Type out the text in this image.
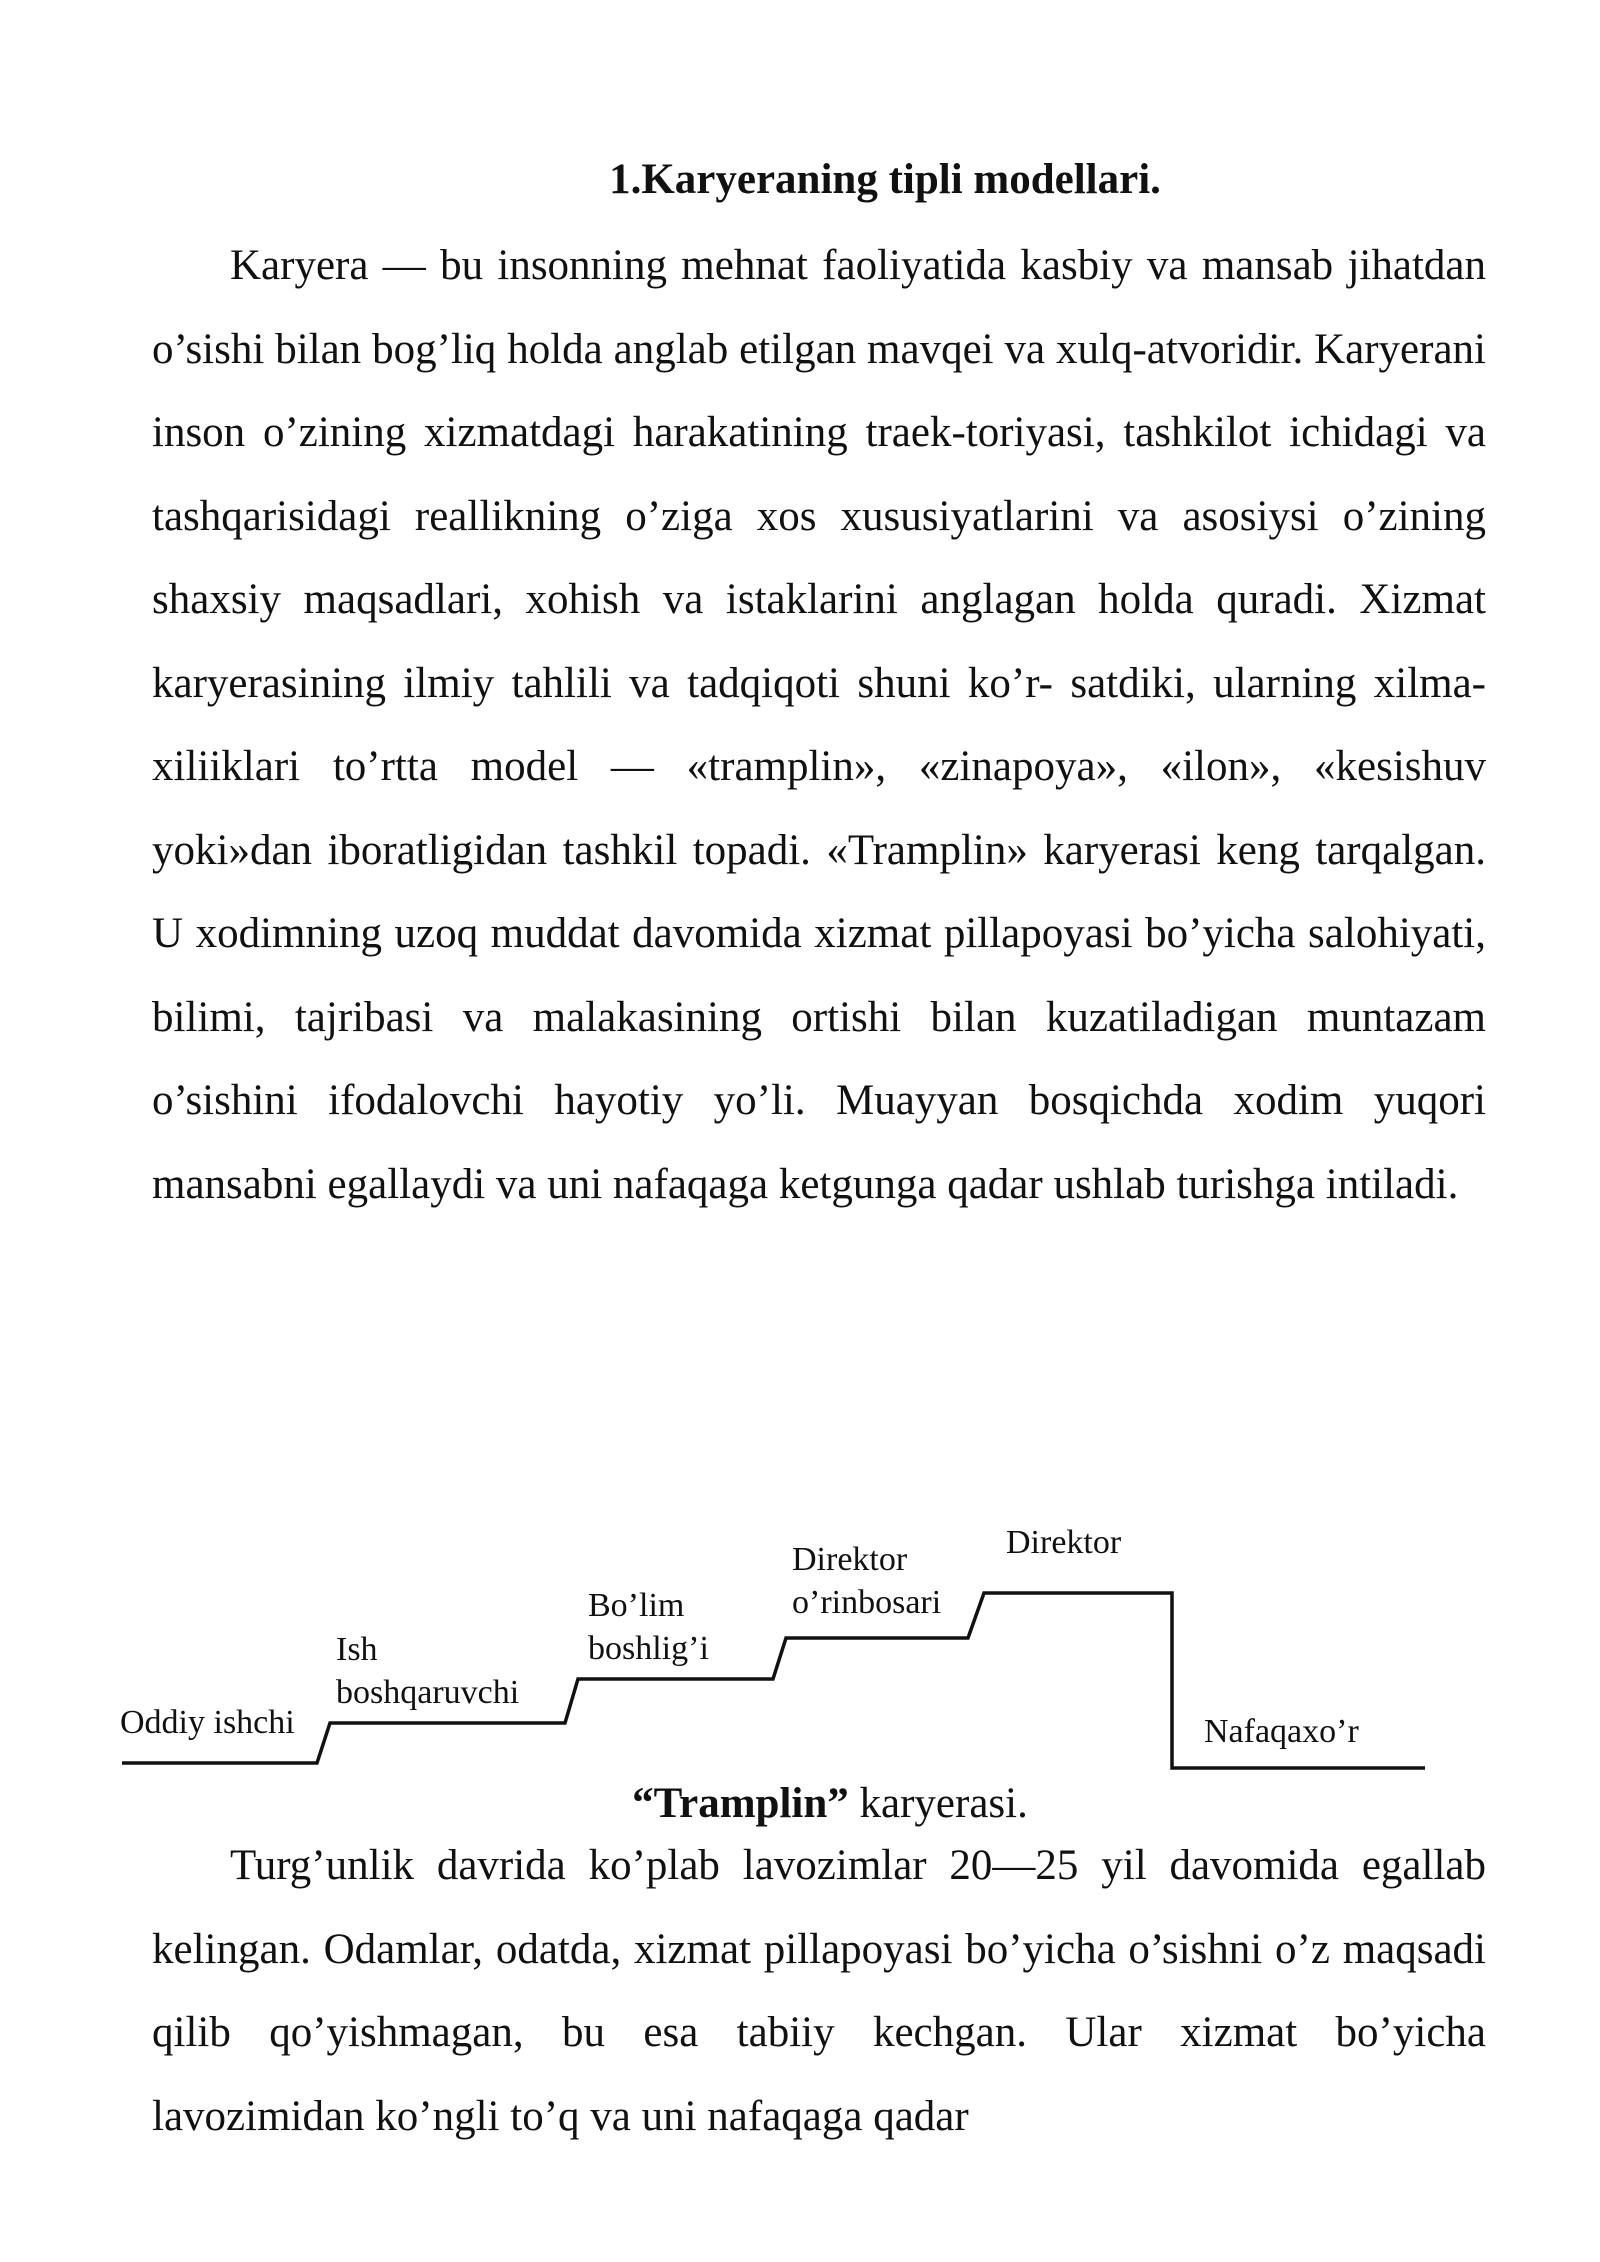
1.Karyeraning tipli modellari.

Karyera — bu insonning mehnat faoliyatida kasbiy va mansab jihatdan o’sishi bilan bog’liq holda anglab etilgan mavqei va xulq-atvoridir. Karyerani inson o’zining xizmatdagi harakatining traek-toriyasi, tashkilot ichidagi va tashqarisidagi reallikning o’ziga xos xususiyatlarini va asosiysi o’zining shaxsiy maqsadlari, xohish va istaklarini anglagan holda quradi. Xizmat karyerasining ilmiy tahlili va tadqiqoti shuni ko’r- satdiki, ularning xilma-xiliiklari to’rtta model — «tramplin», «zinapoya», «ilon», «kesishuv yoki»dan iboratligidan tashkil topadi. «Tramplin» karyerasi keng tarqalgan. U xodimning uzoq muddat davomida xizmat pillapoyasi bo’yicha salohiyati, bilimi, tajribasi va malakasining ortishi bilan kuzatiladigan muntazam o’sishini ifodalovchi hayotiy yo’li. Muayyan bosqichda xodim yuqori mansabni egallaydi va uni nafaqaga ketgunga qadar ushlab turishga intiladi.

Oddiy ishchi
Ish
boshqaruvchi
Bo’lim
boshlig’i
Direktor
o’rinbosari
Direktor
Nafaqaxo’r

“Tramplin” karyerasi.

Turg’unlik davrida ko’plab lavozimlar 20—25 yil davomida egallab kelingan. Odamlar, odatda, xizmat pillapoyasi bo’yicha o’sishni o’z maqsadi qilib qo’yishmagan, bu esa tabiiy kechgan. Ular xizmat bo’yicha lavozimidan ko’ngli to’q va uni nafaqaga qadar
